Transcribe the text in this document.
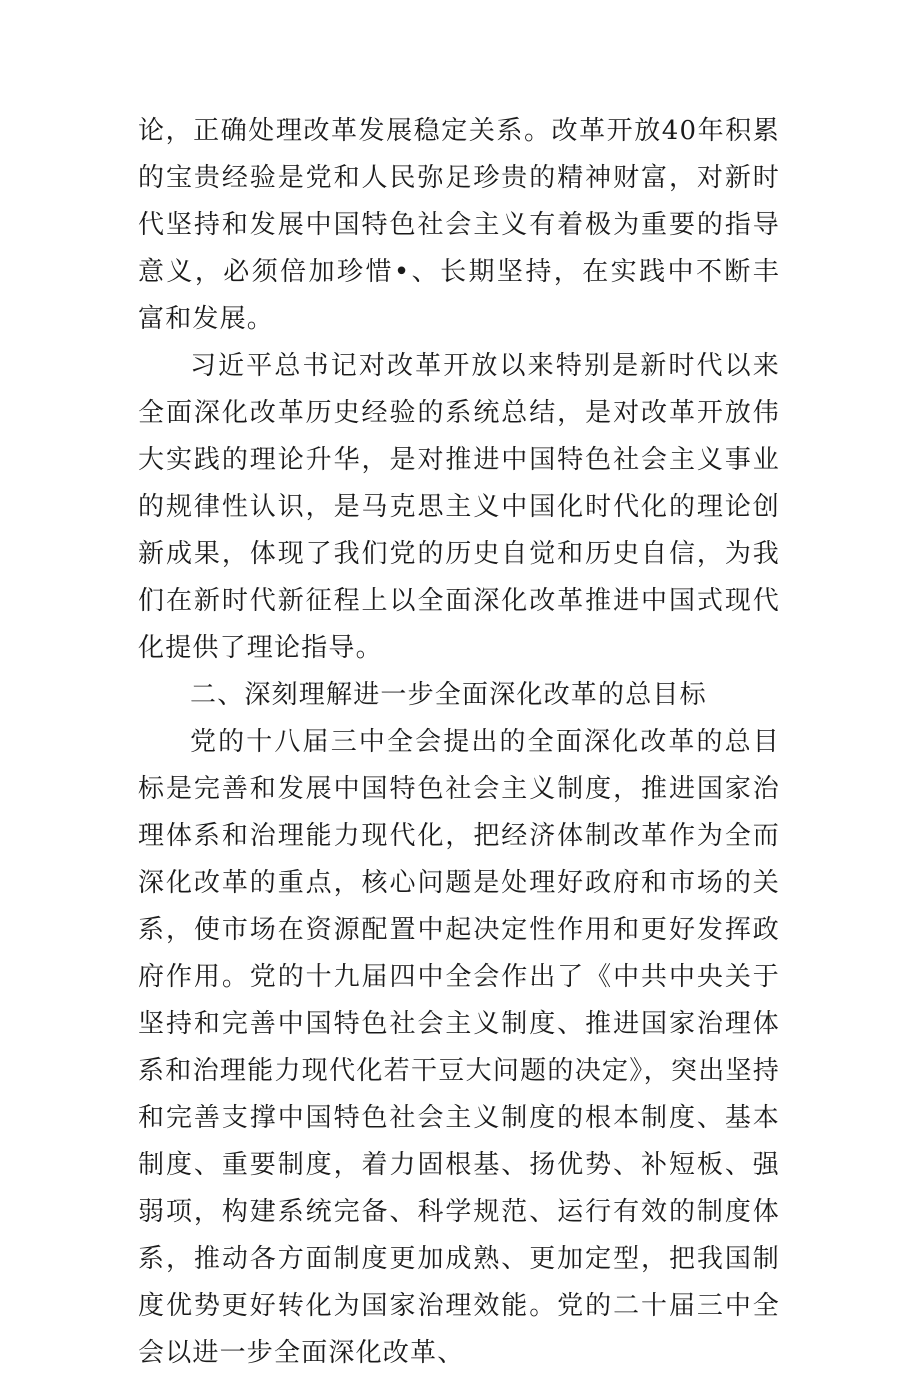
论，正确处理改革发展稳定关系。改革开放40年积累的宝贵经验是党和人民弥足珍贵的精神财富，对新时代坚持和发展中国特色社会主义有着极为重要的指导意义，必须倍加珍惜•、长期坚持，在实践中不断丰富和发展。

习近平总书记对改革开放以来特别是新时代以来全面深化改革历史经验的系统总结，是对改革开放伟大实践的理论升华，是对推进中国特色社会主义事业的规律性认识，是马克思主义中国化时代化的理论创新成果，体现了我们党的历史自觉和历史自信，为我们在新时代新征程上以全面深化改革推进中国式现代化提供了理论指导。

二、深刻理解进一步全面深化改革的总目标

党的十八届三中全会提出的全面深化改革的总目标是完善和发展中国特色社会主义制度，推进国家治理体系和治理能力现代化，把经济体制改革作为全而深化改革的重点，核心问题是处理好政府和市场的关系，使市场在资源配置中起决定性作用和更好发挥政府作用。党的十九届四中全会作出了《中共中央关于坚持和完善中国特色社会主义制度、推进国家治理体系和治理能力现代化若干豆大问题的决定》，突出坚持和完善支撑中国特色社会主义制度的根本制度、基本制度、重要制度，着力固根基、扬优势、补短板、强弱项，构建系统完备、科学规范、运行有效的制度体系，推动各方面制度更加成熟、更加定型，把我国制度优势更好转化为国家治理效能。党的二十届三中全会以进一步全面深化改革、
